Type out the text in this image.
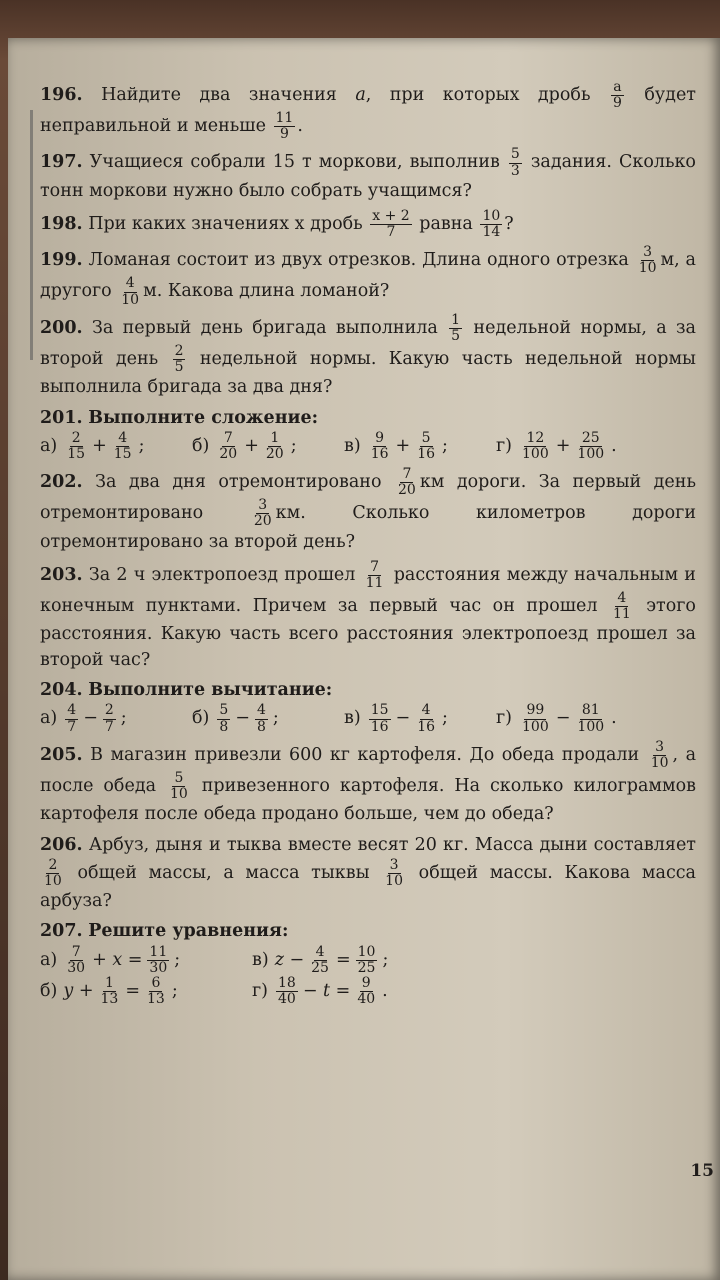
196. Найдите два значения a, при которых дробь $\frac{a}{9}$ будет неправильной и меньше $\frac{11}{9}$ .
197. Учащиеся собрали 15 т моркови, выполнив $\frac{5}{3}$ задания. Сколько тонн моркови нужно было собрать учащимся?
198. При каких значениях x дробь $\frac{x + 2}{7}$ равна $\frac{10}{14}$ ?
199. Ломаная состоит из двух отрезков. Длина одного отрезка $\frac{3}{10} м$, а другого $\frac{4}{10} м$. Какова длина ломаной?
200. За первый день бригада выполнила $\frac{1}{5}$ недельной нормы, а за второй день $\frac{2}{5}$ недельной нормы. Какую часть недельной нормы выполнила бригада за два дня?
201. Выполните сложение:
$а) \frac{2}{15} + \frac{4}{15}$ ;	$б) \frac{7}{20} + \frac{1}{20}$ ;	$в) \frac{9}{16} + \frac{5}{16}$ ;	$г) \frac{12}{100} + \frac{25}{100}$ .
202. За два дня отремонтировано $\frac{7}{20}$ км дороги. За первый день отремонтировано	$\frac{3}{20}$ км. Сколько километров дороги отремонтировано за второй день?
203. За 2 ч электропоезд прошел $\frac{7}{11}$ расстояния между начальным и конечным пунктами. Причем за первый час он прошел $\frac{4}{11}$ этого расстояния. Какую часть всего расстояния электропоезд прошел за второй час?
204. Выполните вычитание:
$а) \frac{4}{7} - \frac{2}{7}$ ;	$б) \frac{5}{8} - \frac{4}{8}$ ;	$в) \frac{15}{16} - \frac{4}{16}$ ;	$г) \frac{99}{100} - \frac{81}{100}$ .
205. В магазин привезли 600 кг картофеля. До обеда продали $\frac{3}{10}$ , а после обеда $\frac{5}{10}$ привезенного картофеля. На сколько килограммов картофеля после обеда продано больше, чем до обеда?
206. Арбуз, дыня и тыква вместе весят 20 кг. Масса дыни составляет
$\frac{2}{10}$ общей массы, а масса тыквы $\frac{3}{10}$ общей массы. Какова масса арбуза?
207. Решите уравнения:
$а) \frac{7}{30} + x = \frac{11}{30}$ ;	в) $z - \frac{4}{25} = \frac{10}{25}$ ;
б) $y + \frac{1}{13} = \frac{6}{13}$ ;	$г) \frac{18}{40} - t = \frac{9}{40}$ .
15
